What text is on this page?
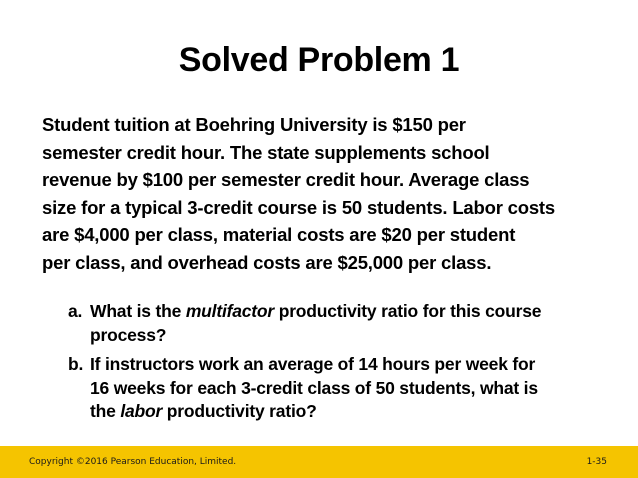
Solved Problem 1
Student tuition at Boehring University is $150 per
semester credit hour. The state supplements school
revenue by $100 per semester credit hour. Average class
size for a typical 3-credit course is 50 students. Labor costs
are $4,000 per class, material costs are $20 per student
per class, and overhead costs are $25,000 per class.
a. What is the multifactor productivity ratio for this course
process?
b. If instructors work an average of 14 hours per week for
16 weeks for each 3-credit class of 50 students, what is
the labor productivity ratio?
Copyright ©2016 Pearson Education, Limited.	1-35
